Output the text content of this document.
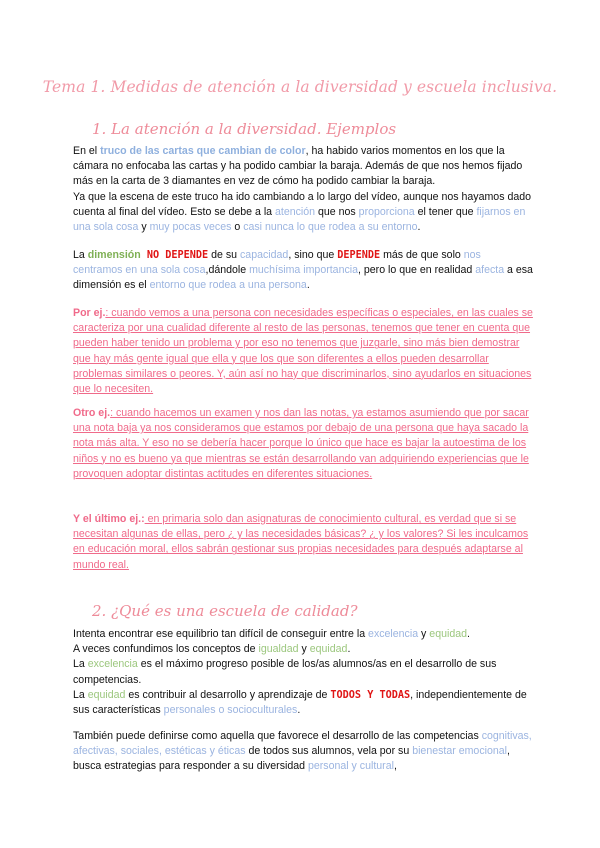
Tema 1. Medidas de atención a la diversidad y escuela inclusiva.
1. La atención a la diversidad. Ejemplos

En el truco de las cartas que cambian de color, ha habido varios momentos en los que la cámara no enfocaba las cartas y ha podido cambiar la baraja. Además de que nos hemos fijado más en la carta de 3 diamantes en vez de cómo ha podido cambiar la baraja.
Ya que la escena de este truco ha ido cambiando a lo largo del vídeo, aunque nos hayamos dado cuenta al final del vídeo. Esto se debe a la atención que nos proporciona el tener que fijarnos en una sola cosa y muy pocas veces o casi nunca lo que rodea a su entorno.

La dimensión NO DEPENDE de su capacidad, sino que DEPENDE más de que solo nos centramos en una sola cosa,dándole muchísima importancia, pero lo que en realidad afecta a esa dimensión es el entorno que rodea a una persona.

Por ej.: cuando vemos a una persona con necesidades específicas o especiales, en las cuales se caracteriza por una cualidad diferente al resto de las personas, tenemos que tener en cuenta que pueden haber tenido un problema y por eso no tenemos que juzgarle, sino más bien demostrar que hay más gente igual que ella y que los que son diferentes a ellos pueden desarrollar problemas similares o peores. Y, aún así no hay que discriminarlos, sino ayudarlos en situaciones que lo necesiten.

Otro ej.: cuando hacemos un examen y nos dan las notas, ya estamos asumiendo que por sacar una nota baja ya nos consideramos que estamos por debajo de una persona que haya sacado la nota más alta. Y eso no se debería hacer porque lo único que hace es bajar la autoestima de los niños y no es bueno ya que mientras se están desarrollando van adquiriendo experiencias que le provoquen adoptar distintas actitudes en diferentes situaciones.

Y el último ej.: en primaria solo dan asignaturas de conocimiento cultural, es verdad que si se necesitan algunas de ellas, pero ¿ y las necesidades básicas? ¿ y los valores? Si les inculcamos en educación moral, ellos sabrán gestionar sus propias necesidades para después adaptarse al mundo real.

2. ¿Qué es una escuela de calidad?

Intenta encontrar ese equilibrio tan difícil de conseguir entre la excelencia y equidad.
A veces confundimos los conceptos de igualdad y equidad.
La excelencia es el máximo progreso posible de los/as alumnos/as en el desarrollo de sus competencias.
La equidad es contribuir al desarrollo y aprendizaje de TODOS Y TODAS, independientemente de sus características personales o socioculturales.

También puede definirse como aquella que favorece el desarrollo de las competencias cognitivas, afectivas, sociales, estéticas y éticas de todos sus alumnos, vela por su bienestar emocional, busca estrategias para responder a su diversidad personal y cultural,
